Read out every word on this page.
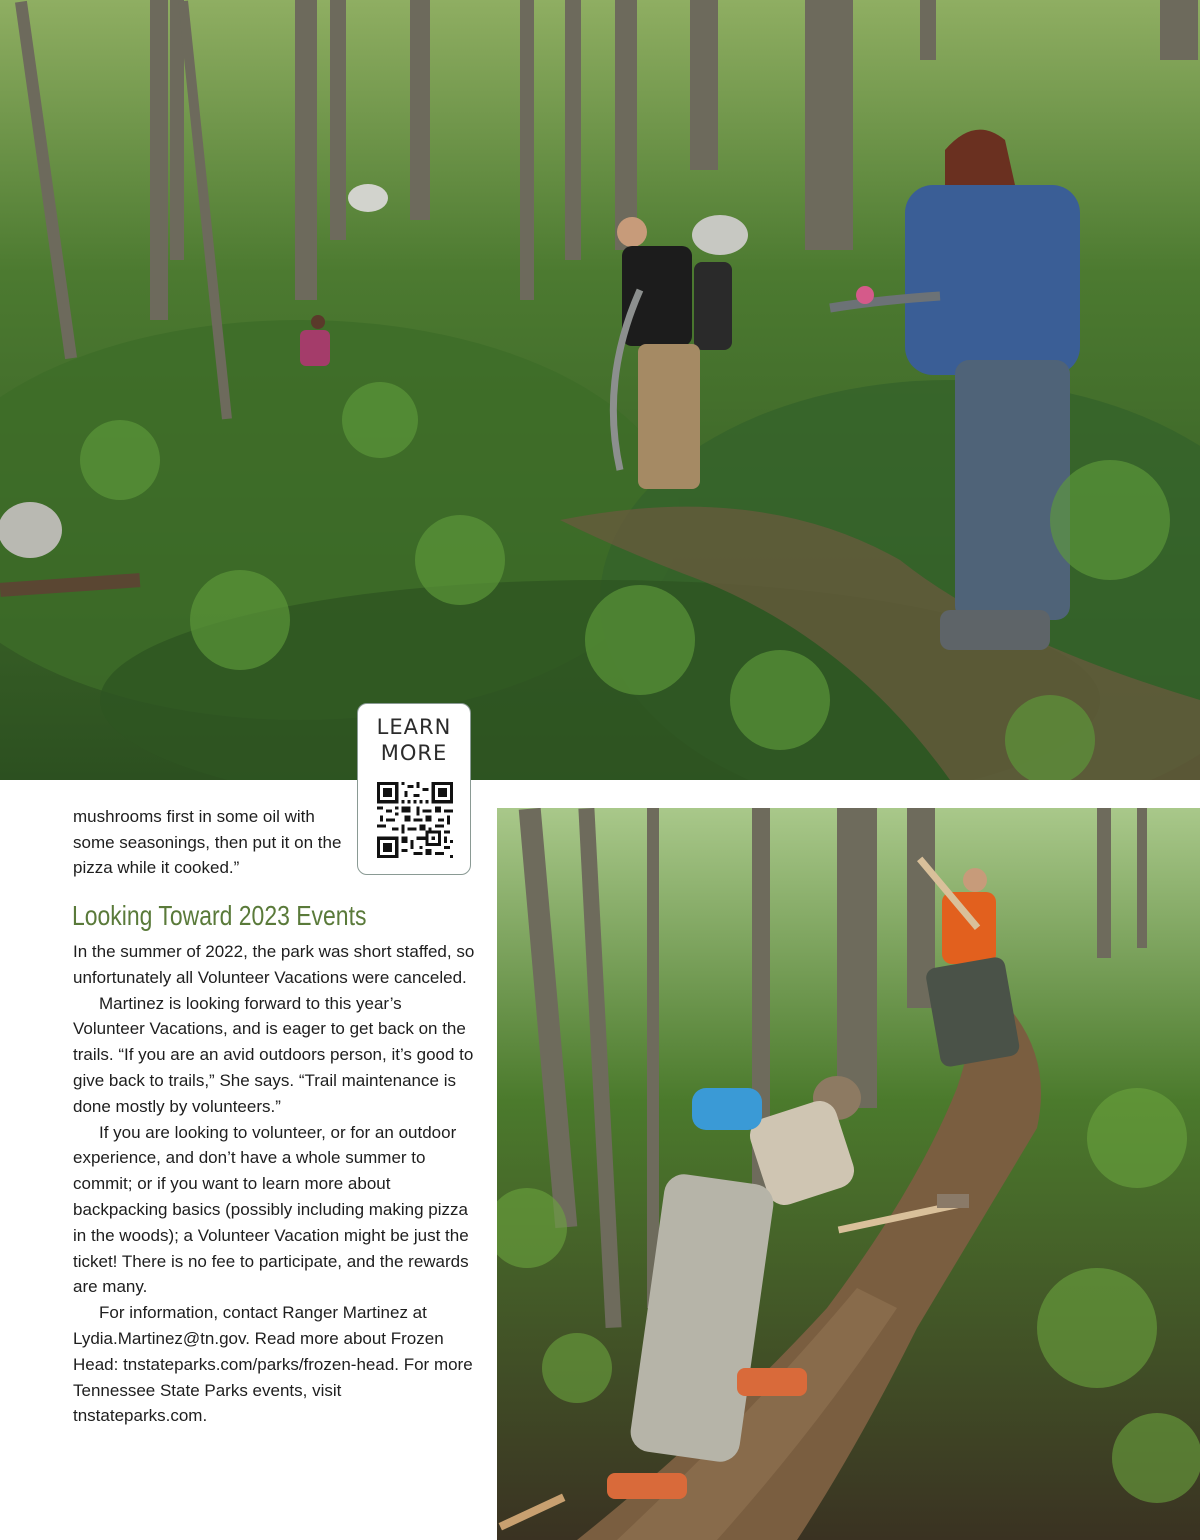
LEARN
MORE

mushrooms first in some oil with some seasonings, then put it on the pizza while it cooked.”

Looking Toward 2023 Events

In the summer of 2022, the park was short staffed, so unfortunately all Volunteer Vacations were canceled.

Martinez is looking forward to this year’s Volunteer Vacations, and is eager to get back on the trails. “If you are an avid outdoors person, it’s good to give back to trails,” She says. “Trail maintenance is done mostly by volunteers.”

If you are looking to volunteer, or for an outdoor experience, and don’t have a whole summer to commit; or if you want to learn more about backpacking basics (possibly including making pizza in the woods); a Volunteer Vacation might be just the ticket! There is no fee to participate, and the rewards are many.

For information, contact Ranger Martinez at Lydia.Martinez@tn.gov. Read more about Frozen Head: tnstateparks.com/parks/frozen-head. For more Tennessee State Parks events, visit tnstateparks.com.
